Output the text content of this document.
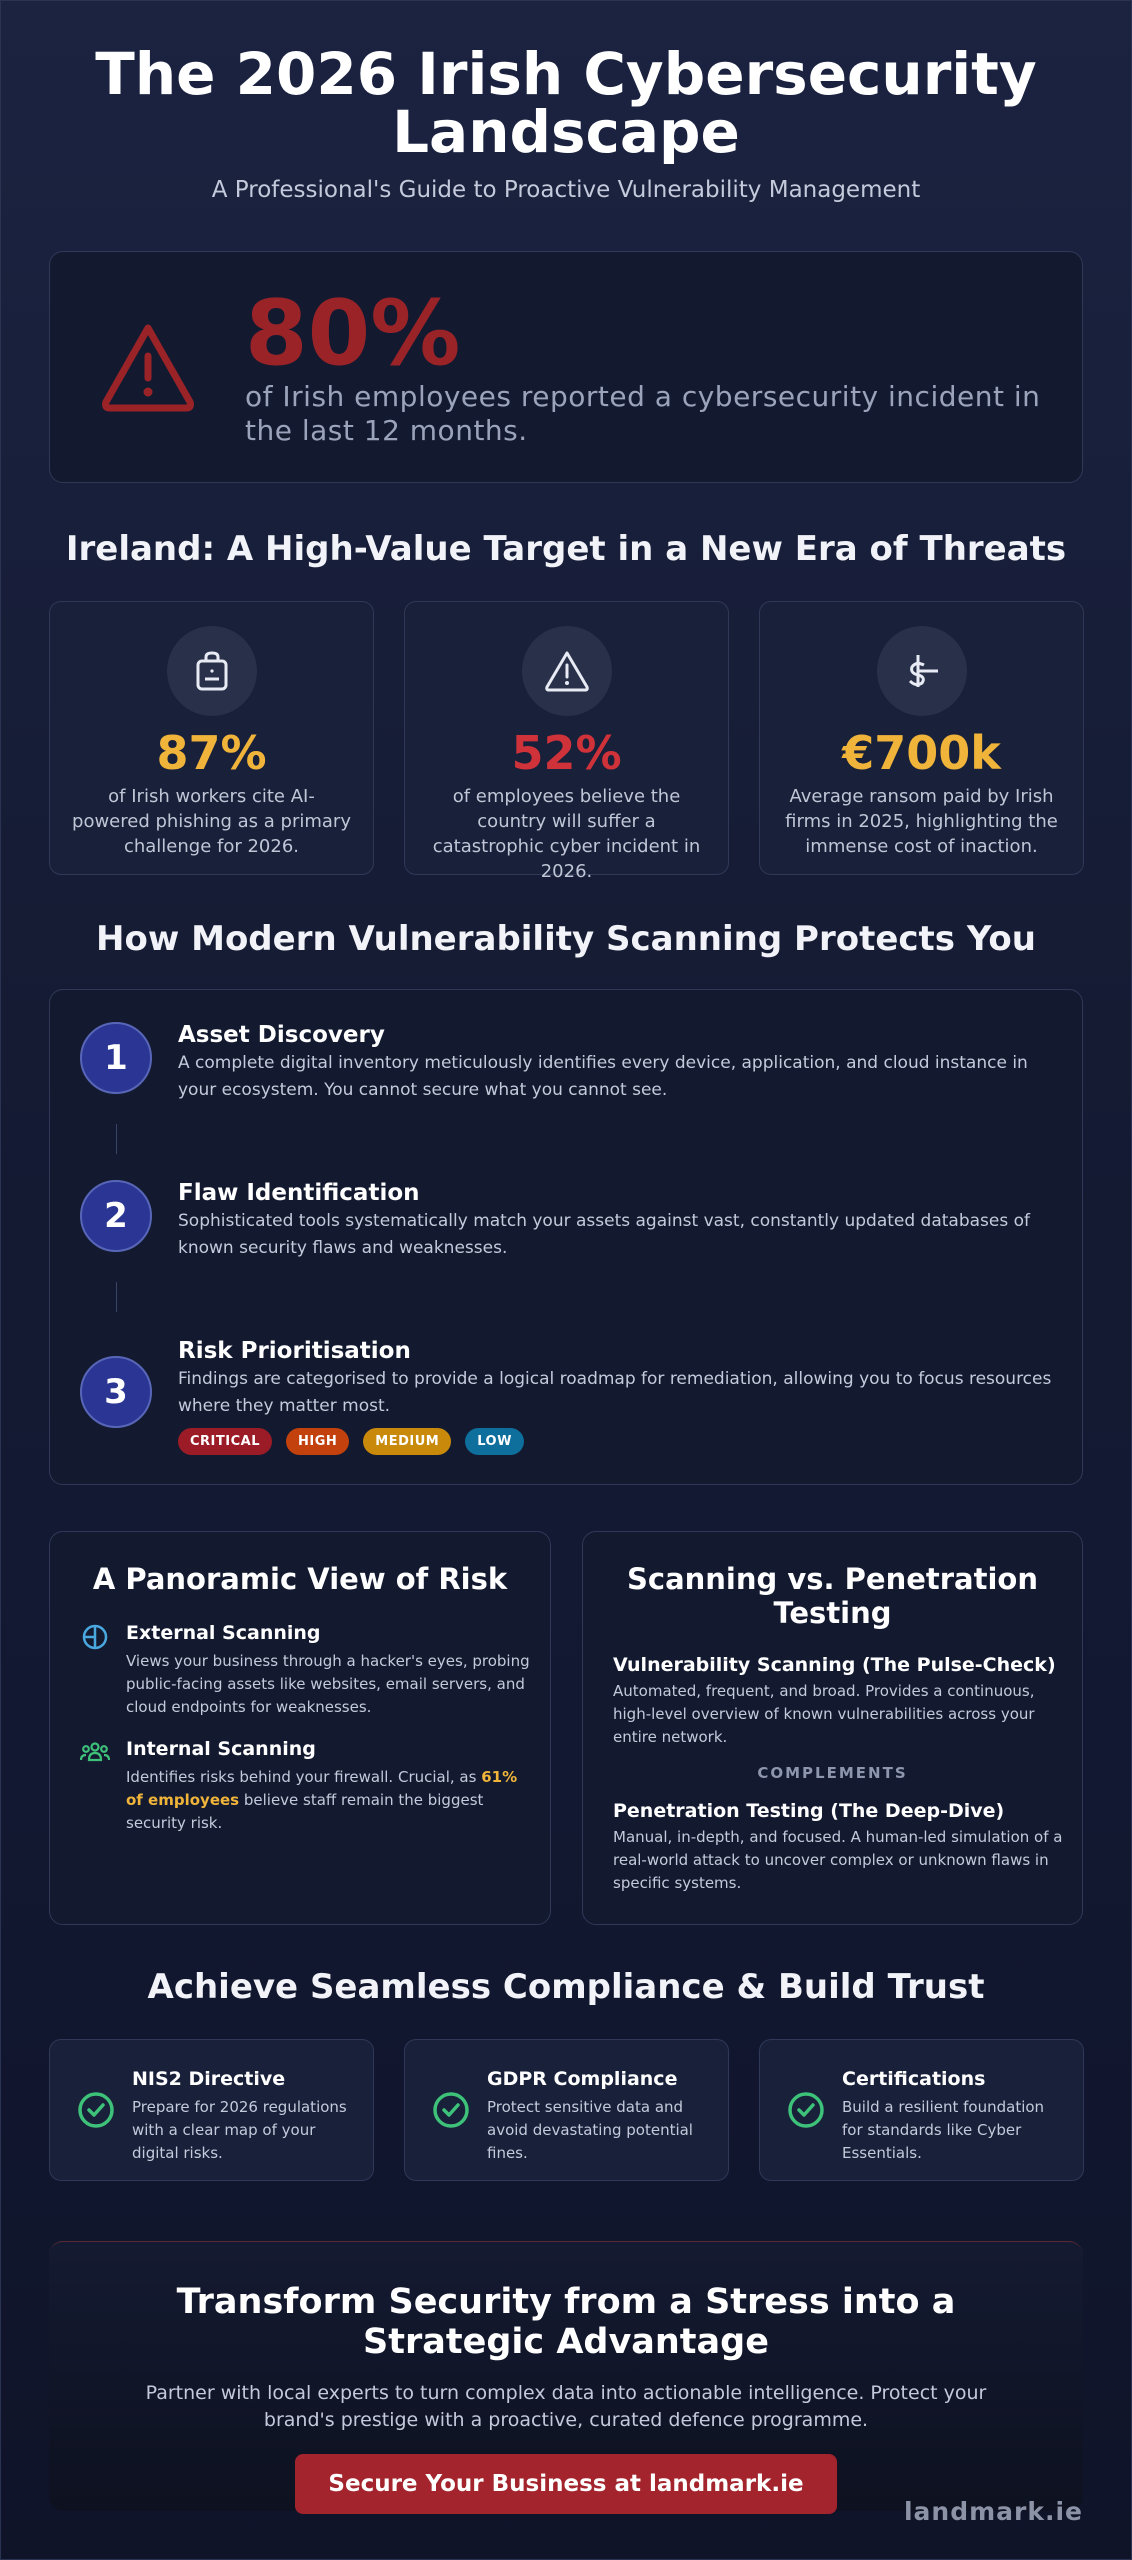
The 2026 Irish Cybersecurity Landscape
A Professional's Guide to Proactive Vulnerability Management
80%
of Irish employees reported a cybersecurity incident in the last 12 months.
Ireland: A High-Value Target in a New Era of Threats
87%
of Irish workers cite AI-powered phishing as a primary challenge for 2026.
52%
of employees believe the country will suffer a catastrophic cyber incident in 2026.
€700k
Average ransom paid by Irish firms in 2025, highlighting the immense cost of inaction.
How Modern Vulnerability Scanning Protects You
1
Asset Discovery
A complete digital inventory meticulously identifies every device, application, and cloud instance in your ecosystem. You cannot secure what you cannot see.
2
Flaw Identification
Sophisticated tools systematically match your assets against vast, constantly updated databases of known security flaws and weaknesses.
3
Risk Prioritisation
Findings are categorised to provide a logical roadmap for remediation, allowing you to focus resources where they matter most.
CRITICAL	HIGH	MEDIUM	LOW
A Panoramic View of Risk
External Scanning
Views your business through a hacker's eyes, probing public-facing assets like websites, email servers, and cloud endpoints for weaknesses.
Internal Scanning
Identifies risks behind your firewall. Crucial, as 61% of employees believe staff remain the biggest security risk.
Scanning vs. Penetration Testing
Vulnerability Scanning (The Pulse-Check)
Automated, frequent, and broad. Provides a continuous, high-level overview of known vulnerabilities across your entire network.
COMPLEMENTS
Penetration Testing (The Deep-Dive)
Manual, in-depth, and focused. A human-led simulation of a real-world attack to uncover complex or unknown flaws in specific systems.
Achieve Seamless Compliance & Build Trust
NIS2 Directive
Prepare for 2026 regulations with a clear map of your digital risks.
GDPR Compliance
Protect sensitive data and avoid devastating potential fines.
Certifications
Build a resilient foundation for standards like Cyber Essentials.
Transform Security from a Stress into a Strategic Advantage
Partner with local experts to turn complex data into actionable intelligence. Protect your brand's prestige with a proactive, curated defence programme.
Secure Your Business at landmark.ie
landmark.ie
